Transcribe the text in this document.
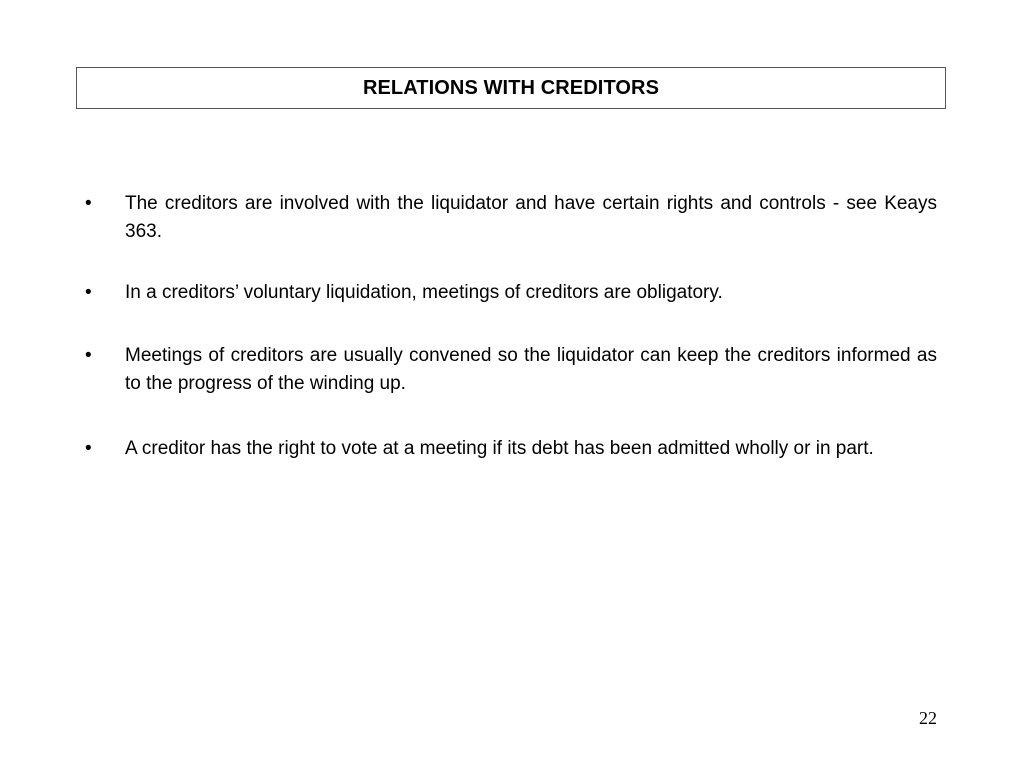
RELATIONS WITH CREDITORS
•	The creditors are involved with the liquidator and have certain rights and controls - see Keays 363.
•	In a creditors’ voluntary liquidation, meetings of creditors are obligatory.
•	Meetings of creditors are usually convened so the liquidator can keep the creditors informed as to the progress of the winding up.
•	A creditor has the right to vote at a meeting if its debt has been admitted wholly or in part.
22
